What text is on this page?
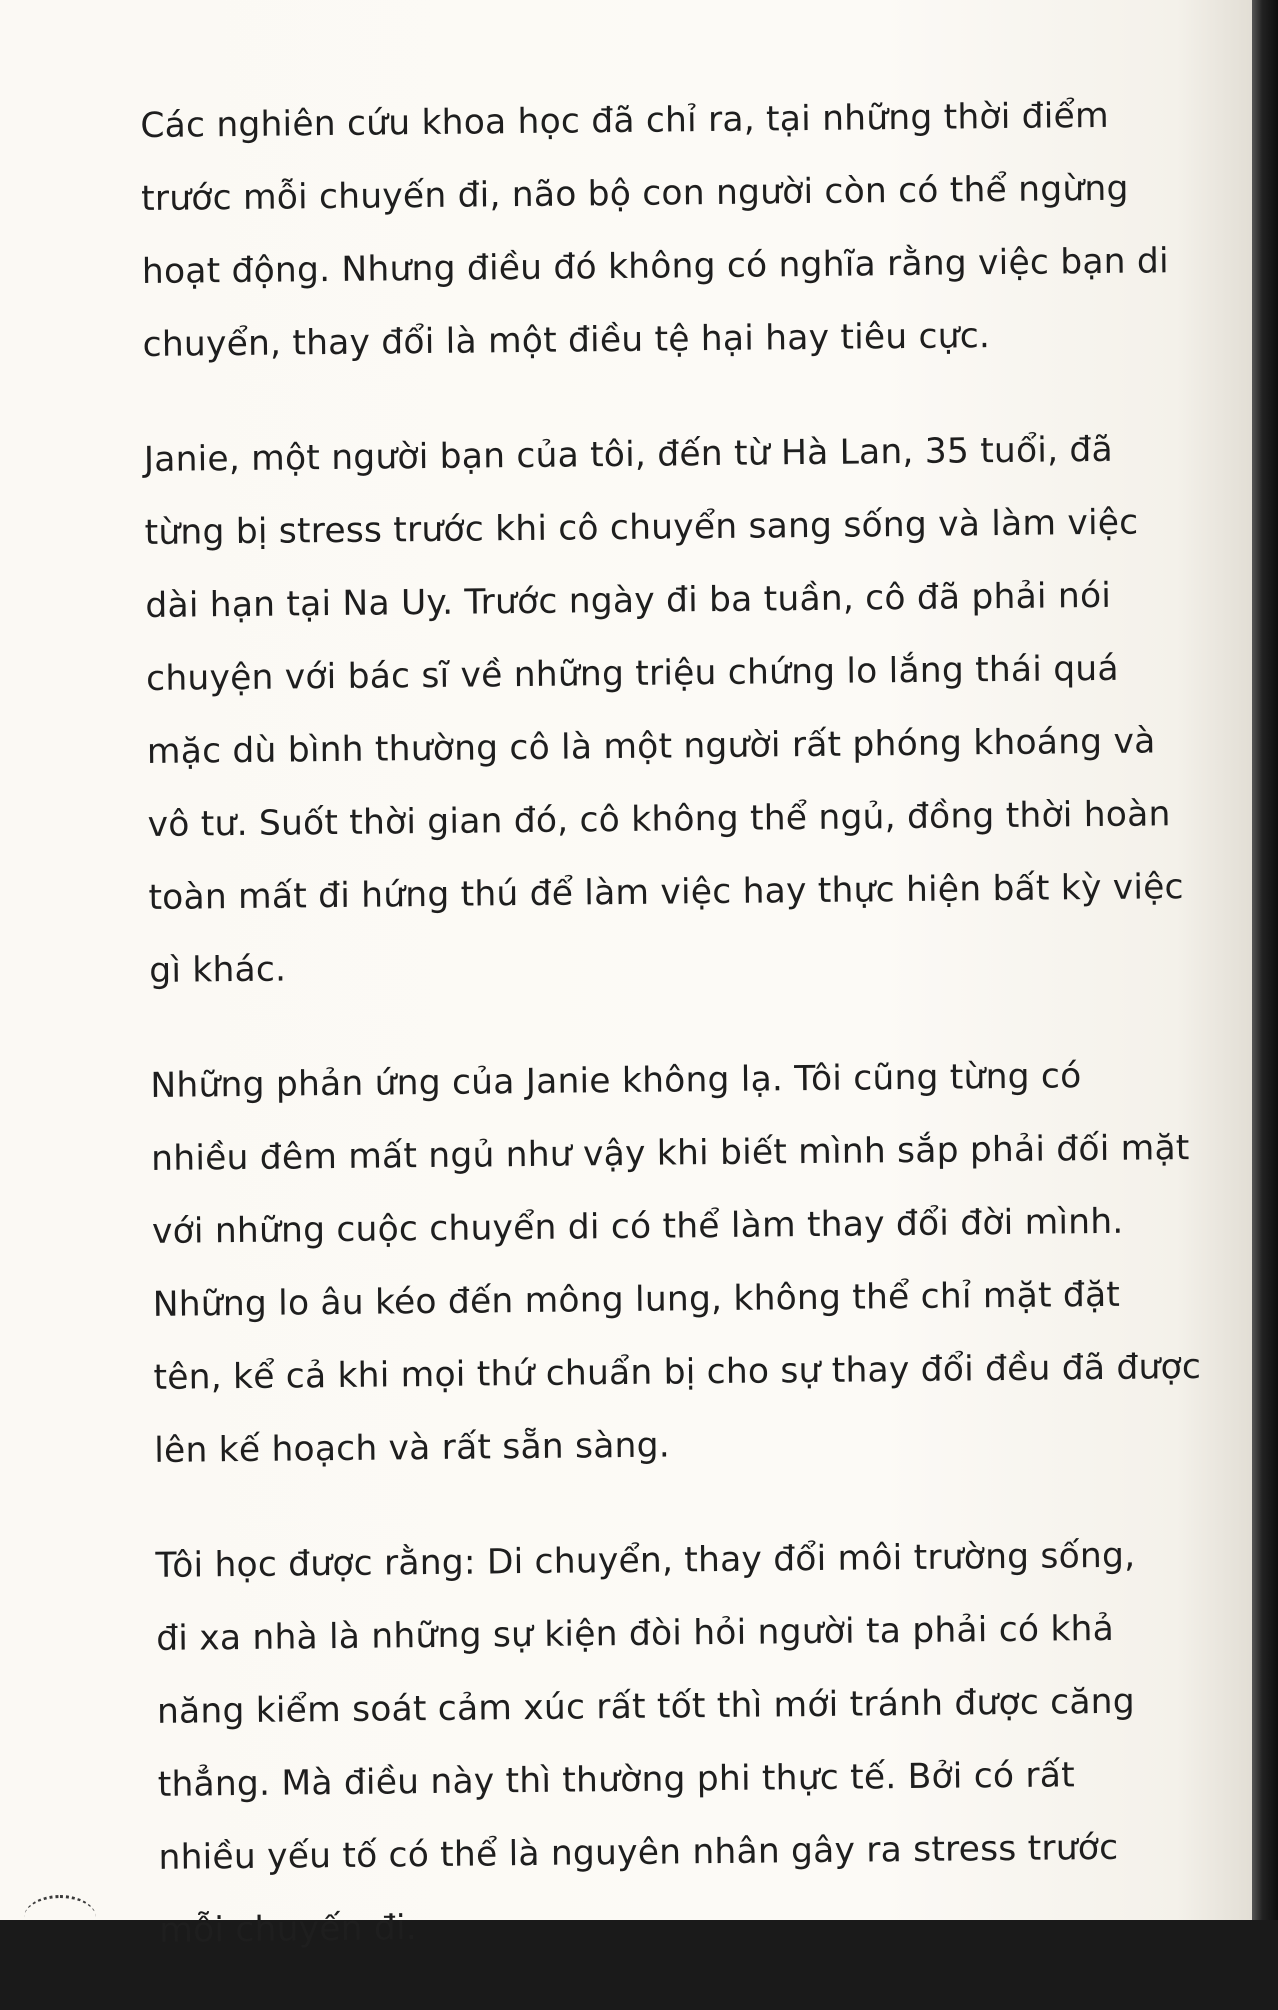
Các nghiên cứu khoa học đã chỉ ra, tại những thời điểm
trước mỗi chuyến đi, não bộ con người còn có thể ngừng
hoạt động. Nhưng điều đó không có nghĩa rằng việc bạn di
chuyển, thay đổi là một điều tệ hại hay tiêu cực.

Janie, một người bạn của tôi, đến từ Hà Lan, 35 tuổi, đã
từng bị stress trước khi cô chuyển sang sống và làm việc
dài hạn tại Na Uy. Trước ngày đi ba tuần, cô đã phải nói
chuyện với bác sĩ về những triệu chứng lo lắng thái quá
mặc dù bình thường cô là một người rất phóng khoáng và
vô tư. Suốt thời gian đó, cô không thể ngủ, đồng thời hoàn
toàn mất đi hứng thú để làm việc hay thực hiện bất kỳ việc
gì khác.

Những phản ứng của Janie không lạ. Tôi cũng từng có
nhiều đêm mất ngủ như vậy khi biết mình sắp phải đối mặt
với những cuộc chuyển di có thể làm thay đổi đời mình.
Những lo âu kéo đến mông lung, không thể chỉ mặt đặt
tên, kể cả khi mọi thứ chuẩn bị cho sự thay đổi đều đã được
lên kế hoạch và rất sẵn sàng.

Tôi học được rằng: Di chuyển, thay đổi môi trường sống,
đi xa nhà là những sự kiện đòi hỏi người ta phải có khả
năng kiểm soát cảm xúc rất tốt thì mới tránh được căng
thẳng. Mà điều này thì thường phi thực tế. Bởi có rất
nhiều yếu tố có thể là nguyên nhân gây ra stress trước
mỗi chuyến đi.
